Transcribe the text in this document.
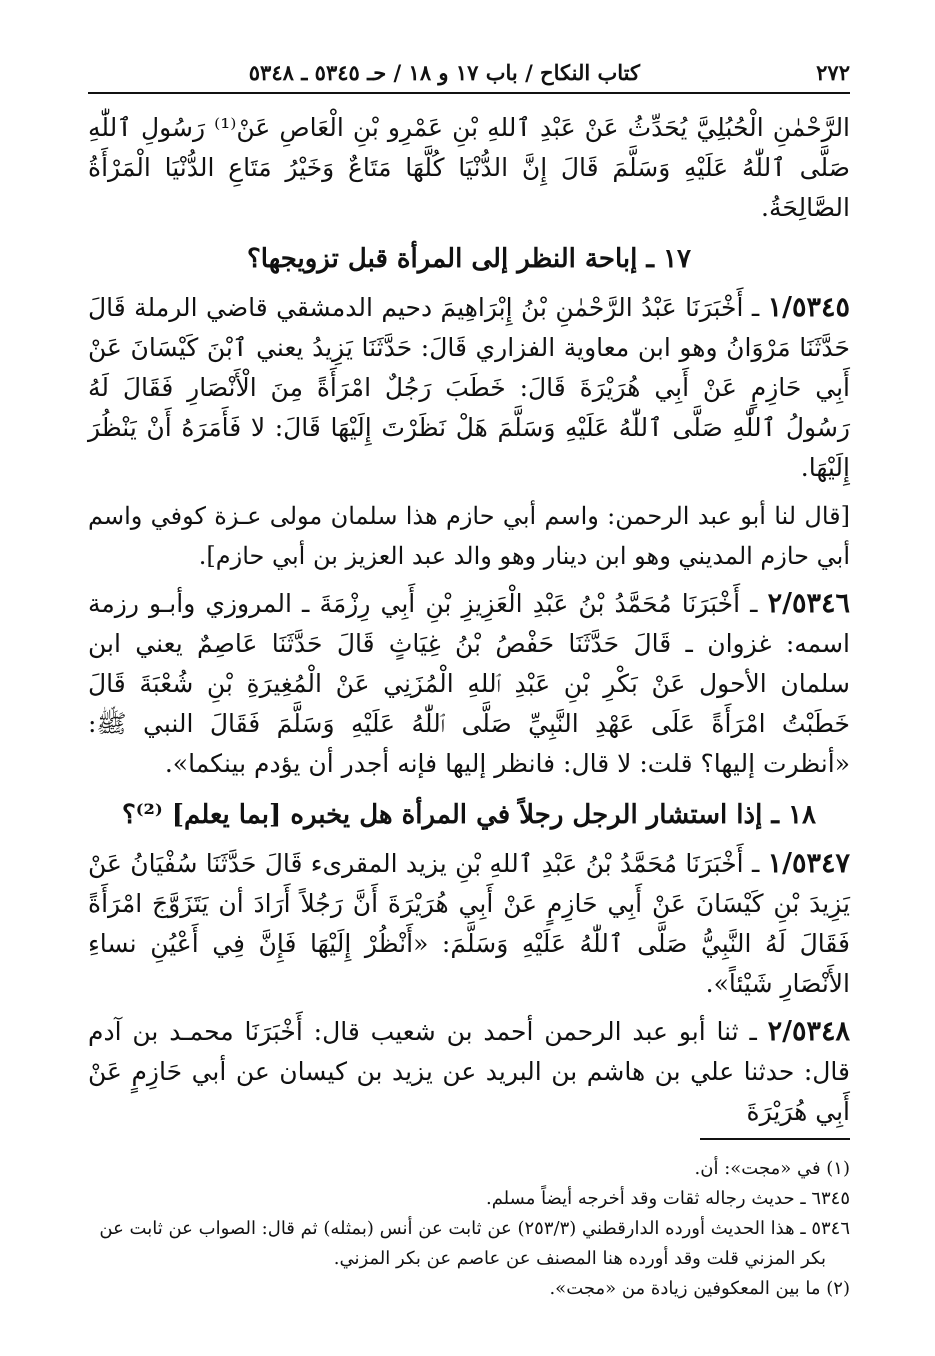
٢٧٢
كتاب النكاح / باب ١٧ و ١٨ / حـ ٥٣٤٥ ـ ٥٣٤٨

الرَّحْمٰنِ الْحُبُلِيَّ يُحَدِّثُ عَنْ عَبْدِ ٱللهِ بْنِ عَمْرِو بْنِ الْعَاصِ عَنْ⁽¹⁾ رَسُولِ ٱللّٰهِ صَلَّى ٱللّٰهُ عَلَيْهِ وَسَلَّمَ قَالَ إِنَّ الدُّنْيَا كُلَّهَا مَتَاعٌ وَخَيْرُ مَتَاعِ الدُّنْيَا الْمَرْأَةُ الصَّالِحَةُ.

١٧ ـ إباحة النظر إلى المرأة قبل تزويجها؟

١/٥٣٤٥ ـ أَخْبَرَنَا عَبْدُ الرَّحْمٰنِ بْنُ إِبْرَاهِيمَ دحيم الدمشقي قاضي الرملة قَالَ حَدَّثَنَا مَرْوَانُ وهو ابن معاوية الفزاري قَالَ: حَدَّثَنَا يَزِيدُ يعني ٱبْنَ كَيْسَانَ عَنْ أَبِي حَازِمٍ عَنْ أَبِي هُرَيْرَةَ قَالَ: خَطَبَ رَجُلٌ امْرَأَةً مِنَ الْأَنْصَارِ فَقَالَ لَهُ رَسُولُ ٱللّٰهِ صَلَّى ٱللّٰهُ عَلَيْهِ وَسَلَّمَ هَلْ نَظَرْتَ إِلَيْهَا قَالَ: لا فَأَمَرَهُ أَنْ يَنْظُرَ إِلَيْهَا.

[قال لنا أبو عبد الرحمن: واسم أبي حازم هذا سلمان مولى عـزة كوفي واسم أبي حازم المديني وهو ابن دينار وهو والد عبد العزيز بن أبي حازم].

٢/٥٣٤٦ ـ أَخْبَرَنَا مُحَمَّدُ بْنُ عَبْدِ الْعَزِيزِ بْنِ أَبِي رِزْمَةَ ـ المروزي وأبـو رزمة اسمه: غزوان ـ قَالَ حَدَّثَنَا حَفْصُ بْنُ غِيَاثٍ قَالَ حَدَّثَنَا عَاصِمٌ يعني ابن سلمان الأحول عَنْ بَكْرِ بْنِ عَبْدِ ٱللهِ الْمُزَنِي عَنْ الْمُغِيرَةِ بْنِ شُعْبَةَ قَالَ خَطَبْتُ امْرَأَةً عَلَى عَهْدِ النَّبِيِّ صَلَّى ٱللّٰهُ عَلَيْهِ وَسَلَّمَ فَقَالَ النبي ﷺ: «أنظرت إليها؟ قلت: لا قال: فانظر إليها فإنه أجدر أن يؤدم بينكما».

١٨ ـ إذا استشار الرجل رجلاً في المرأة هل يخبره [بما يعلم] ⁽²⁾؟

١/٥٣٤٧ ـ أَخْبَرَنَا مُحَمَّدُ بْنُ عَبْدِ ٱللهِ بْنِ يزيد المقرىء قَالَ حَدَّثَنَا سُفْيَانُ عَنْ يَزِيدَ بْنِ كَيْسَانَ عَنْ أَبِي حَازِمٍ عَنْ أَبِي هُرَيْرَةَ أَنَّ رَجُلاً أَرَادَ أن يَتَزَوَّجَ امْرَأَةً فَقَالَ لَهُ النَّبِيُّ صَلَّى ٱللّٰهُ عَلَيْهِ وَسَلَّمَ: «أَنْظُرْ إِلَيْهَا فَإِنَّ فِي أَعْيُنِ نساءِ الأَنْصَارِ شَيْئاً».

٢/٥٣٤٨ ـ ثنا أبو عبد الرحمن أحمد بن شعيب قال: أَخْبَرَنَا محمـد بن آدم قال: حدثنا علي بن هاشم بن البريد عن يزيد بن كيسان عن أبي حَازِمٍ عَنْ أَبِي هُرَيْرَةَ

(١) في «مجت»: أن.

٦٣٤٥ ـ حديث رجاله ثقات وقد أخرجه أيضاً مسلم.

٥٣٤٦ ـ هذا الحديث أورده الدارقطني (٢٥٣/٣) عن ثابت عن أنس (بمثله) ثم قال: الصواب عن ثابت عن

بكر المزني قلت وقد أورده هنا المصنف عن عاصم عن بكر المزني.

(٢) ما بين المعكوفين زيادة من «مجت».
